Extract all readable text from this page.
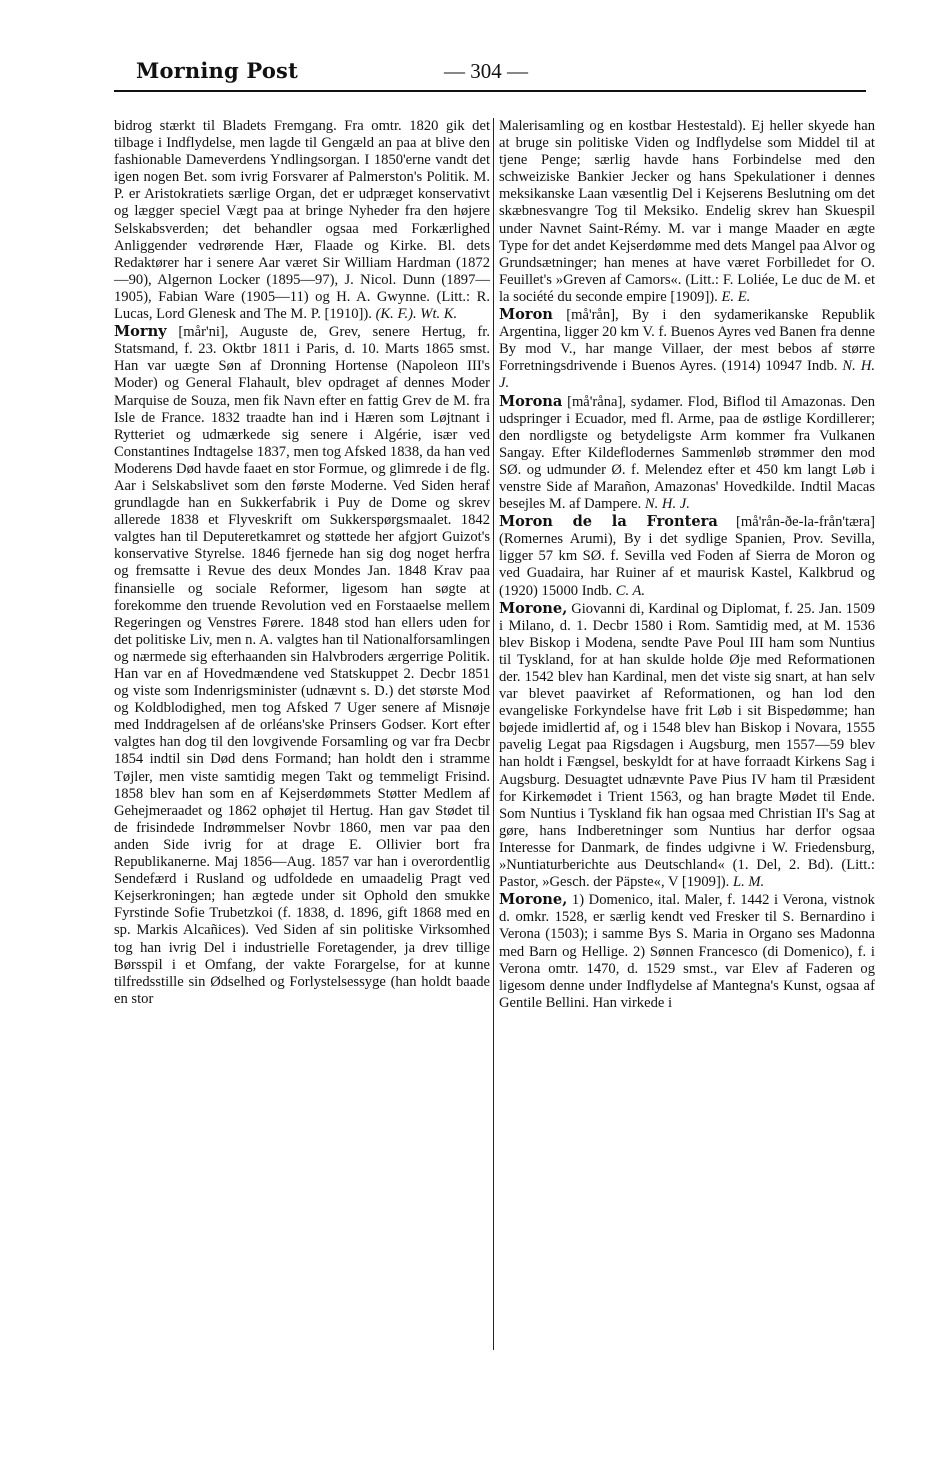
Morning Post	— 304 —

bidrog stærkt til Bladets Fremgang. Fra omtr. 1820 gik det tilbage i Indflydelse, men lagde til Gengæld an paa at blive den fashionable Dameverdens Yndlingsorgan. I 1850'erne vandt det igen nogen Bet. som ivrig Forsvarer af Palmerston's Politik. M. P. er Aristokratiets særlige Organ, det er udpræget konservativt og lægger speciel Vægt paa at bringe Nyheder fra den højere Selskabsverden; det behandler ogsaa med Forkærlighed Anliggender vedrørende Hær, Flaade og Kirke. Bl. dets Redaktører har i senere Aar været Sir William Hardman (1872—90), Algernon Locker (1895—97), J. Nicol. Dunn (1897—1905), Fabian Ware (1905—11) og H. A. Gwynne. (Litt.: R. Lucas, Lord Glenesk and The M. P. [1910]). (K. F.). Wt. K.

Morny [mår'ni], Auguste de, Grev, senere Hertug, fr. Statsmand, f. 23. Oktbr 1811 i Paris, d. 10. Marts 1865 smst. Han var uægte Søn af Dronning Hortense (Napoleon III's Moder) og General Flahault, blev opdraget af dennes Moder Marquise de Souza, men fik Navn efter en fattig Grev de M. fra Isle de France. 1832 traadte han ind i Hæren som Løjtnant i Rytteriet og udmærkede sig senere i Algérie, især ved Constantines Indtagelse 1837, men tog Afsked 1838, da han ved Moderens Død havde faaet en stor Formue, og glimrede i de flg. Aar i Selskabslivet som den første Moderne. Ved Siden heraf grundlagde han en Sukkerfabrik i Puy de Dome og skrev allerede 1838 et Flyveskrift om Sukkerspørgsmaalet. 1842 valgtes han til Deputeretkamret og støttede her afgjort Guizot's konservative Styrelse. 1846 fjernede han sig dog noget herfra og fremsatte i Revue des deux Mondes Jan. 1848 Krav paa finansielle og sociale Reformer, ligesom han søgte at forekomme den truende Revolution ved en Forstaaelse mellem Regeringen og Venstres Førere. 1848 stod han ellers uden for det politiske Liv, men n. A. valgtes han til Nationalforsamlingen og nærmede sig efterhaanden sin Halvbroders ærgerrige Politik. Han var en af Hovedmændene ved Statskuppet 2. Decbr 1851 og viste som Indenrigsminister (udnævnt s. D.) det største Mod og Koldblodighed, men tog Afsked 7 Uger senere af Misnøje med Inddragelsen af de orléans'ske Prinsers Godser. Kort efter valgtes han dog til den lovgivende Forsamling og var fra Decbr 1854 indtil sin Død dens Formand; han holdt den i stramme Tøjler, men viste samtidig megen Takt og temmeligt Frisind. 1858 blev han som en af Kejserdømmets Støtter Medlem af Gehejmeraadet og 1862 ophøjet til Hertug. Han gav Stødet til de frisindede Indrømmelser Novbr 1860, men var paa den anden Side ivrig for at drage E. Ollivier bort fra Republikanerne. Maj 1856—Aug. 1857 var han i overordentlig Sendefærd i Rusland og udfoldede en umaadelig Pragt ved Kejserkroningen; han ægtede under sit Ophold den smukke Fyrstinde Sofie Trubetzkoi (f. 1838, d. 1896, gift 1868 med en sp. Markis Alcañices). Ved Siden af sin politiske Virksomhed tog han ivrig Del i industrielle Foretagender, ja drev tillige Børsspil i et Omfang, der vakte Forargelse, for at kunne tilfredsstille sin Ødselhed og Forlystelsessyge (han holdt baade en stor

Malerisamling og en kostbar Hestestald). Ej heller skyede han at bruge sin politiske Viden og Indflydelse som Middel til at tjene Penge; særlig havde hans Forbindelse med den schweiziske Bankier Jecker og hans Spekulationer i dennes meksikanske Laan væsentlig Del i Kejserens Beslutning om det skæbnesvangre Tog til Meksiko. Endelig skrev han Skuespil under Navnet Saint-Rémy. M. var i mange Maader en ægte Type for det andet Kejserdømme med dets Mangel paa Alvor og Grundsætninger; han menes at have været Forbilledet for O. Feuillet's »Greven af Camors«. (Litt.: F. Loliée, Le duc de M. et la société du seconde empire [1909]). E. E.

Moron [må'rån], By i den sydamerikanske Republik Argentina, ligger 20 km V. f. Buenos Ayres ved Banen fra denne By mod V., har mange Villaer, der mest bebos af større Forretningsdrivende i Buenos Ayres. (1914) 10947 Indb. N. H. J.

Morona [må'råna], sydamer. Flod, Biflod til Amazonas. Den udspringer i Ecuador, med fl. Arme, paa de østlige Kordillerer; den nordligste og betydeligste Arm kommer fra Vulkanen Sangay. Efter Kildeflodernes Sammenløb strømmer den mod SØ. og udmunder Ø. f. Melendez efter et 450 km langt Løb i venstre Side af Marañon, Amazonas' Hovedkilde. Indtil Macas besejles M. af Dampere. N. H. J.

Moron de la Frontera [må'rån-ðe-la-från'tæra] (Romernes Arumi), By i det sydlige Spanien, Prov. Sevilla, ligger 57 km SØ. f. Sevilla ved Foden af Sierra de Moron og ved Guadaira, har Ruiner af et maurisk Kastel, Kalkbrud og (1920) 15000 Indb. C. A.

Morone, Giovanni di, Kardinal og Diplomat, f. 25. Jan. 1509 i Milano, d. 1. Decbr 1580 i Rom. Samtidig med, at M. 1536 blev Biskop i Modena, sendte Pave Poul III ham som Nuntius til Tyskland, for at han skulde holde Øje med Reformationen der. 1542 blev han Kardinal, men det viste sig snart, at han selv var blevet paavirket af Reformationen, og han lod den evangeliske Forkyndelse have frit Løb i sit Bispedømme; han bøjede imidlertid af, og i 1548 blev han Biskop i Novara, 1555 pavelig Legat paa Rigsdagen i Augsburg, men 1557—59 blev han holdt i Fængsel, beskyldt for at have forraadt Kirkens Sag i Augsburg. Desuagtet udnævnte Pave Pius IV ham til Præsident for Kirkemødet i Trient 1563, og han bragte Mødet til Ende. Som Nuntius i Tyskland fik han ogsaa med Christian II's Sag at gøre, hans Indberetninger som Nuntius har derfor ogsaa Interesse for Danmark, de findes udgivne i W. Friedensburg, »Nuntiaturberichte aus Deutschland« (1. Del, 2. Bd). (Litt.: Pastor, »Gesch. der Päpste«, V [1909]). L. M.

Morone, 1) Domenico, ital. Maler, f. 1442 i Verona, vistnok d. omkr. 1528, er særlig kendt ved Fresker til S. Bernardino i Verona (1503); i samme Bys S. Maria in Organo ses Madonna med Barn og Hellige. 2) Sønnen Francesco (di Domenico), f. i Verona omtr. 1470, d. 1529 smst., var Elev af Faderen og ligesom denne under Indflydelse af Mantegna's Kunst, ogsaa af Gentile Bellini. Han virkede i
